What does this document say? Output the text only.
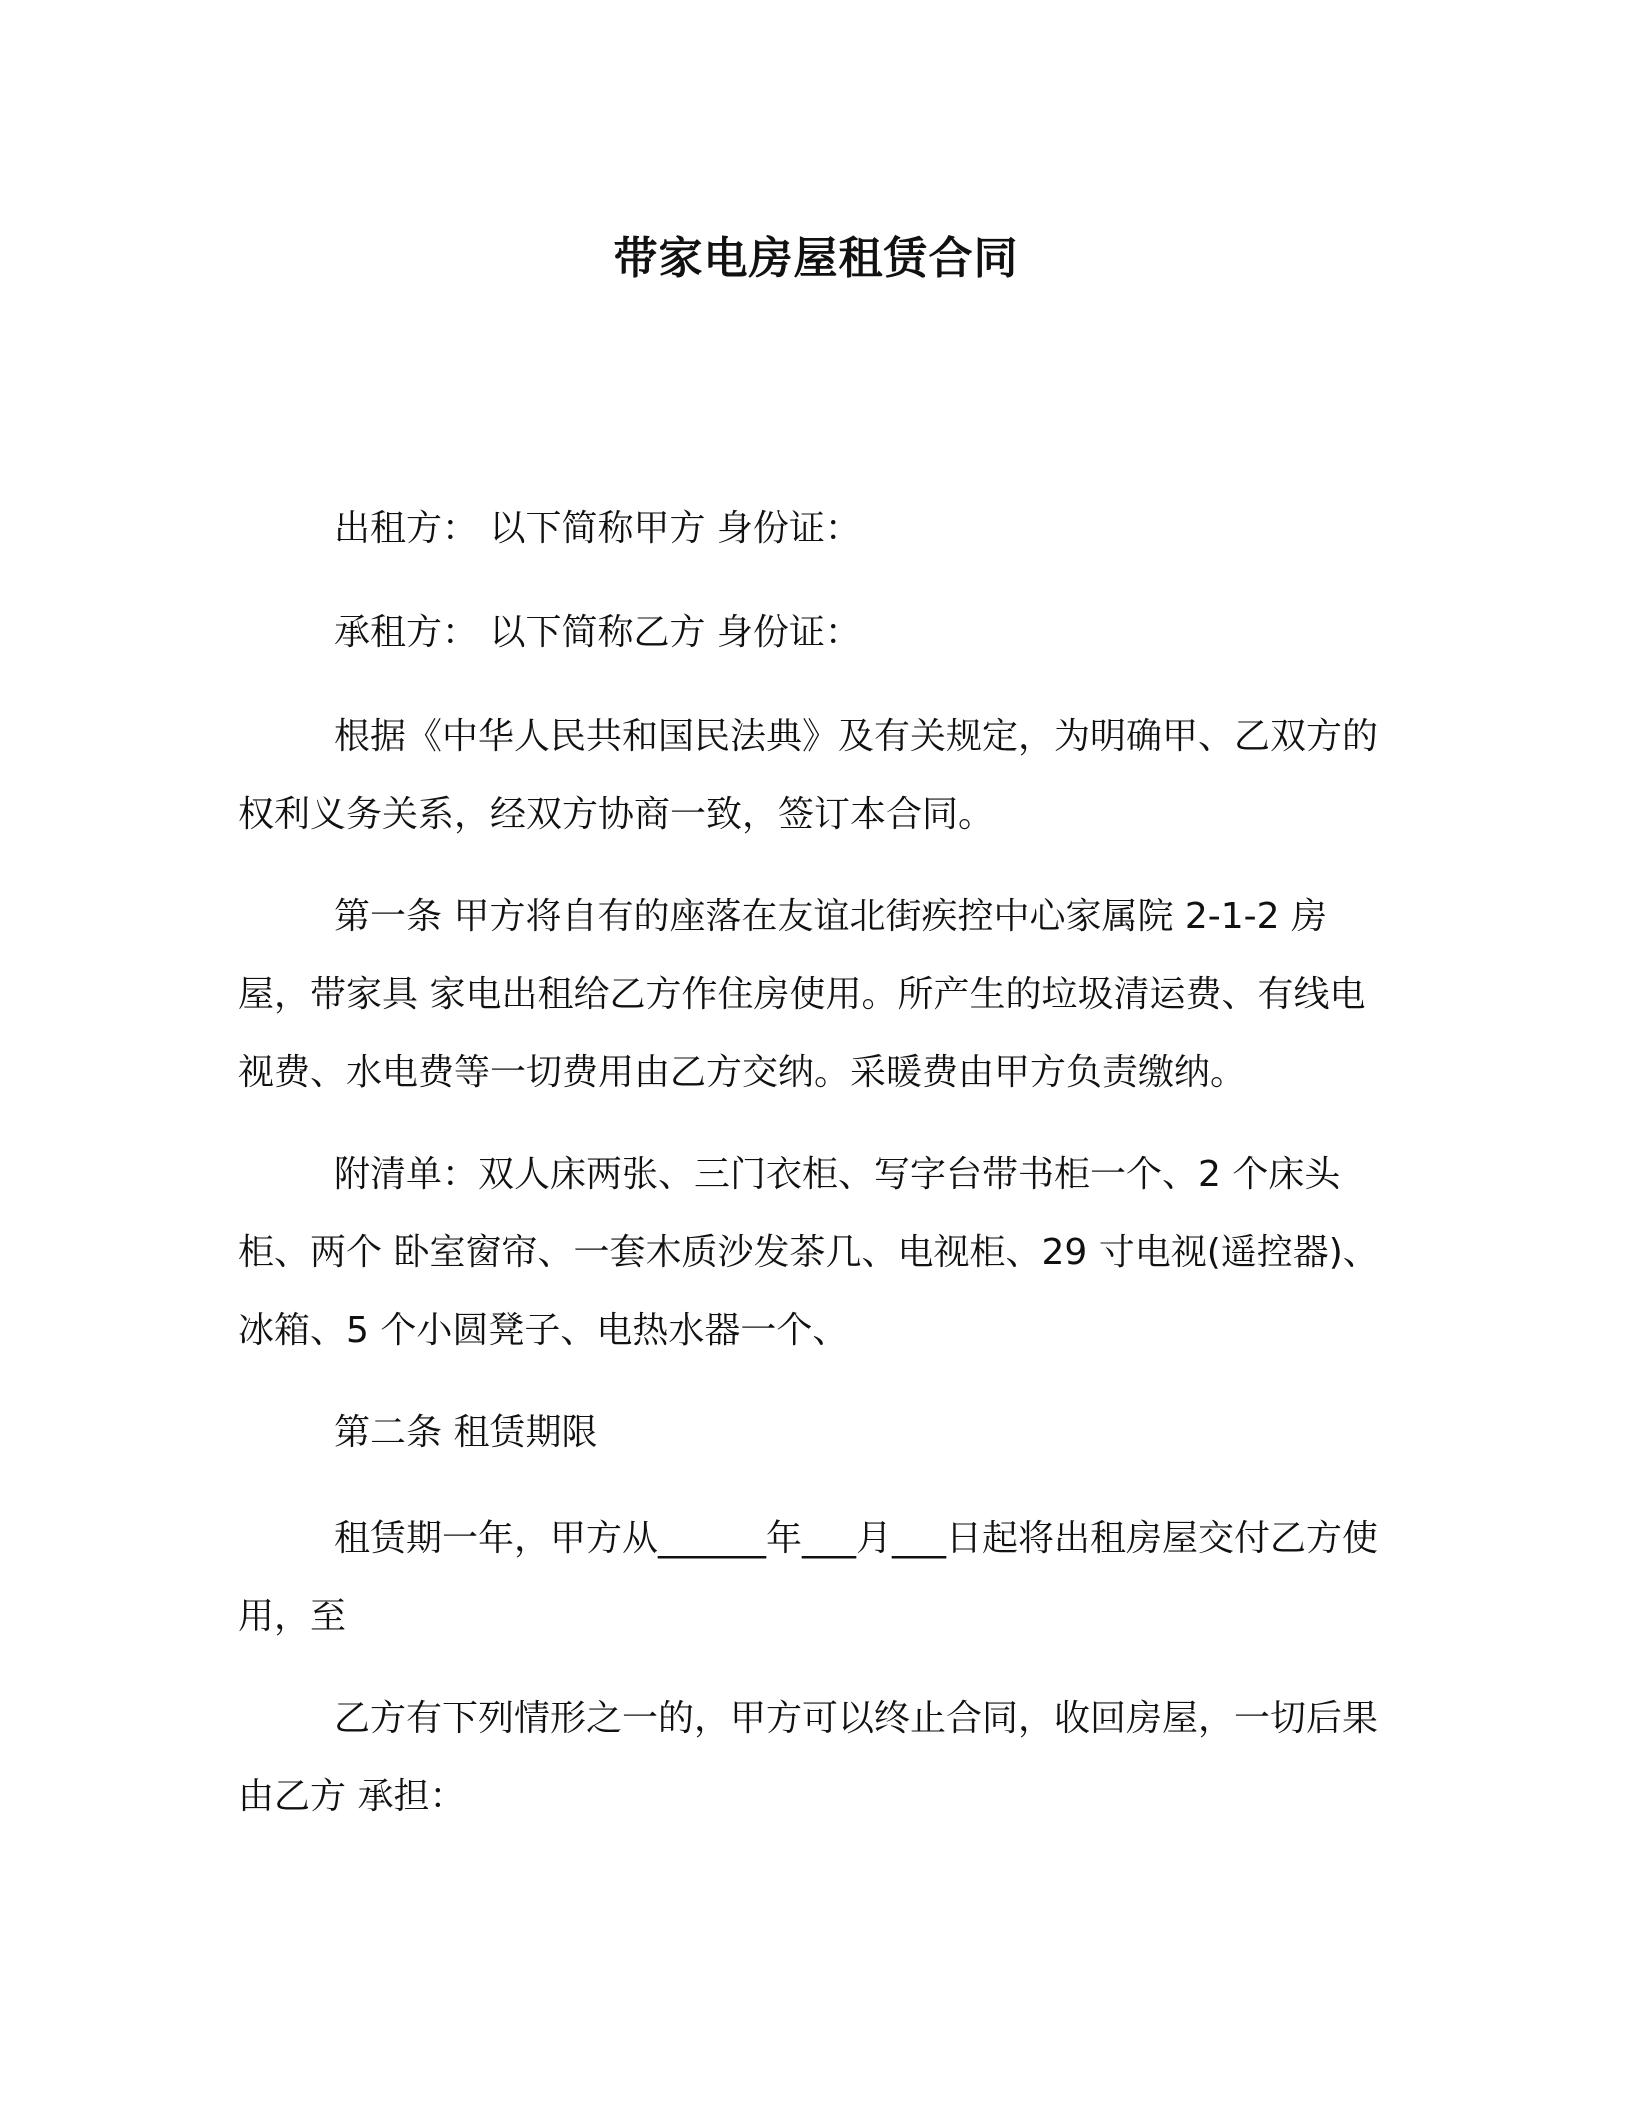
带家电房屋租赁合同
出租方： 以下简称甲方 身份证：
承租方： 以下简称乙方 身份证：

根据《中华人民共和国民法典》及有关规定，为明确甲、乙双方的权利义务关系，经双方协商一致，签订本合同。

第一条 甲方将自有的座落在友谊北街疾控中心家属院 2-1-2 房屋，带家具 家电出租给乙方作住房使用。所产生的垃圾清运费、有线电视费、水电费等一切费用由乙方交纳。采暖费由甲方负责缴纳。

附清单：双人床两张、三门衣柜、写字台带书柜一个、2 个床头柜、两个 卧室窗帘、一套木质沙发茶几、电视柜、29 寸电视(遥控器)、冰箱、5 个小圆凳子、电热水器一个、

第二条 租赁期限

租赁期一年，甲方从______年___月___日起将出租房屋交付乙方使用，至

乙方有下列情形之一的，甲方可以终止合同，收回房屋，一切后果由乙方 承担：
